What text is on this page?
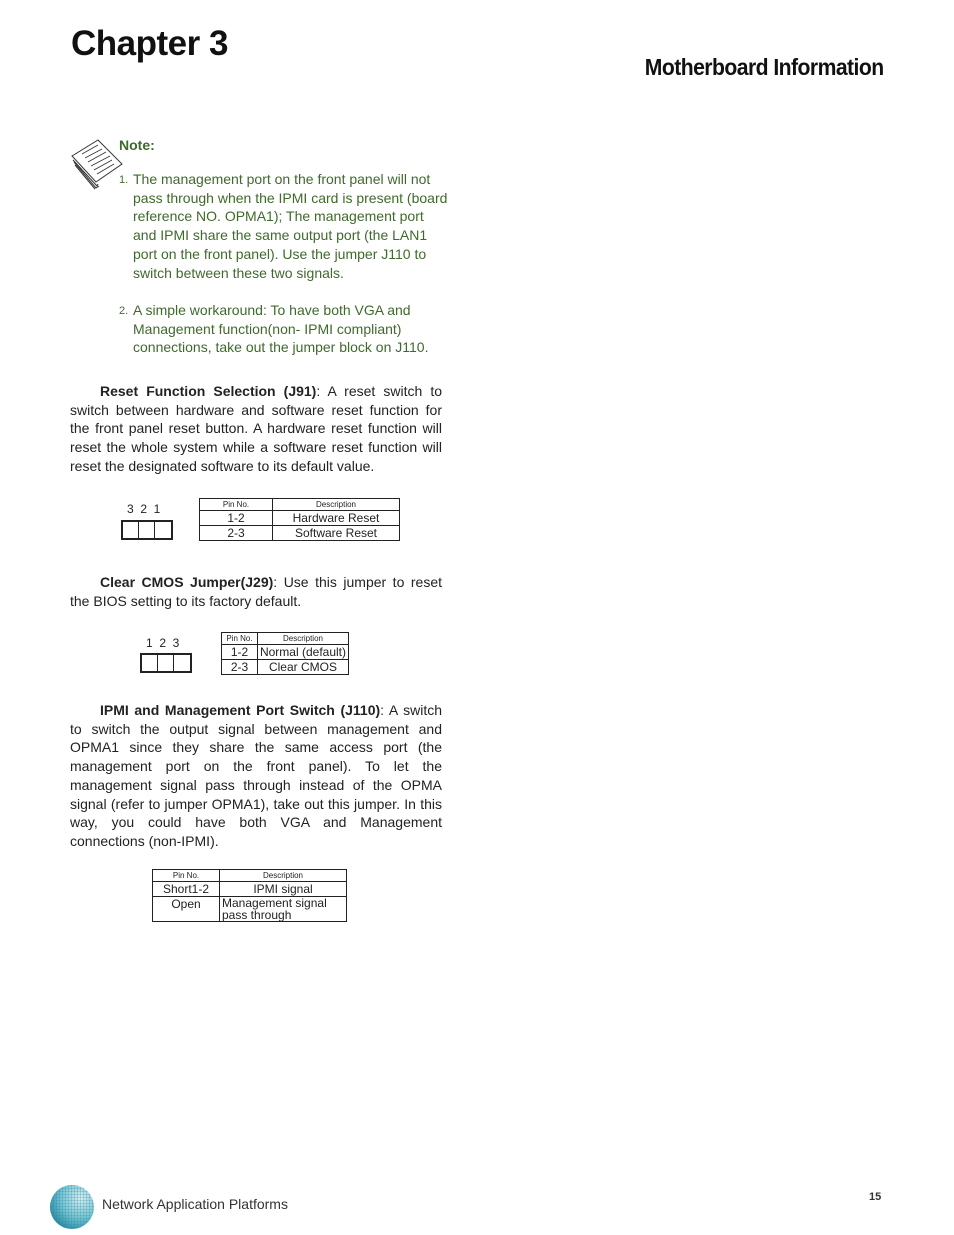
Chapter 3
Motherboard Information
Note:
1. The management port on the front panel will not pass through when the IPMI card is present (board reference NO. OPMA1); The management port and IPMI share the same output port (the LAN1 port on the front panel). Use the jumper J110 to switch between these two signals.
2. A simple workaround: To have both VGA and Management function(non- IPMI compliant) connections, take out the jumper block on J110.
Reset Function Selection (J91): A reset switch to switch between hardware and software reset function for the front panel reset button. A hardware reset function will reset the whole system while a software reset function will reset the designated software to its default value.
3  2  1	Pin No.	Description
1-2	Hardware Reset
2-3	Software Reset
Clear CMOS Jumper(J29): Use this jumper to reset the BIOS setting to its factory default.
1  2  3	Pin No.	Description
1-2	Normal (default)
2-3	Clear CMOS
IPMI and Management Port Switch (J110): A switch to switch the output signal between management and OPMA1 since they share the same access port (the management port on the front panel). To let the management signal pass through instead of the OPMA signal (refer to jumper OPMA1), take out this jumper. In this way, you could have both VGA and Management connections (non-IPMI).
Pin No.	Description
Short1-2	IPMI signal
Open	Management signal pass through
Network Application Platforms	15
